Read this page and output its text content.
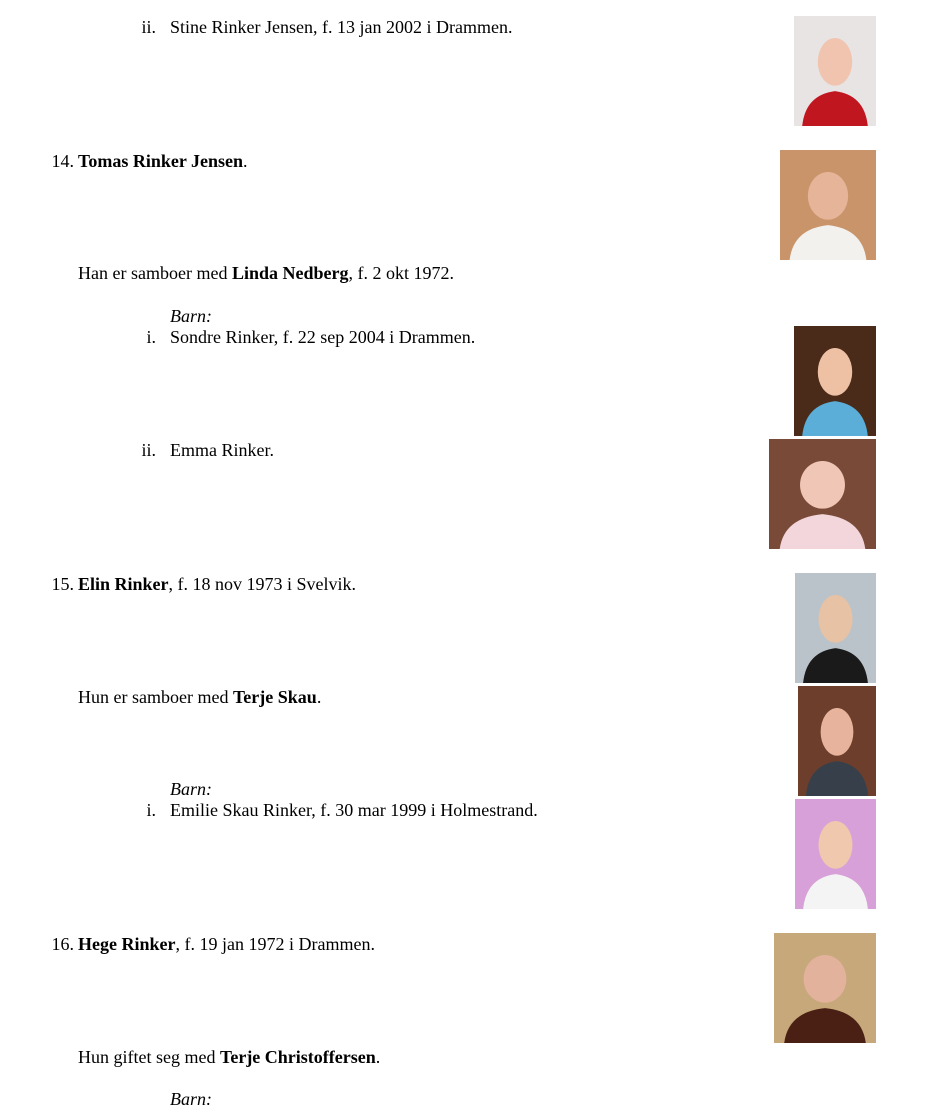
ii. Stine Rinker Jensen, f. 13 jan 2002 i Drammen.
14. Tomas Rinker Jensen.
Han er samboer med Linda Nedberg, f. 2 okt 1972.
Barn:
i. Sondre Rinker, f. 22 sep 2004 i Drammen.
ii. Emma Rinker.
15. Elin Rinker, f. 18 nov 1973 i Svelvik.
Hun er samboer med Terje Skau.
Barn:
i. Emilie Skau Rinker, f. 30 mar 1999 i Holmestrand.
16. Hege Rinker, f. 19 jan 1972 i Drammen.
Hun giftet seg med Terje Christoffersen.
Barn:
